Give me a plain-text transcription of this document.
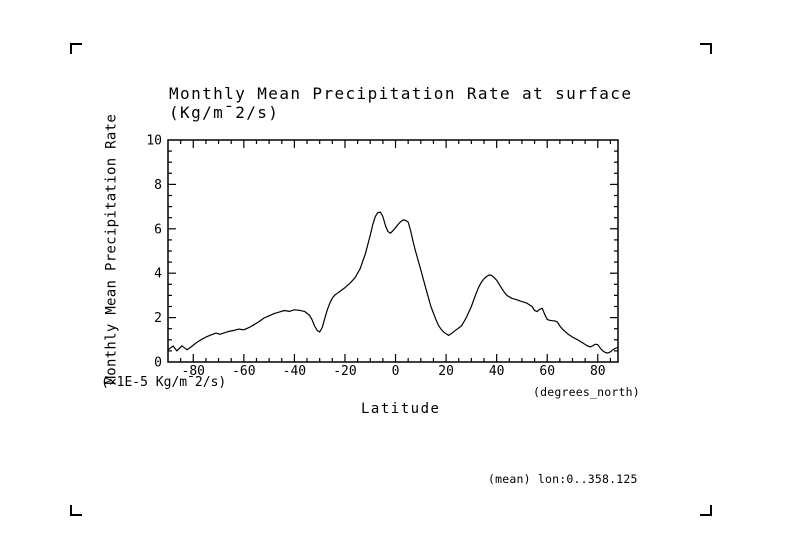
Monthly Mean Precipitation Rate at surface
(Kg/m¯2/s)
Monthly Mean Precipitation Rate
(×1E-5 Kg/m¯2/s)
(degrees_north)
Latitude
(mean) lon:0..358.125
-80 -60 -40 -20	0	20	40	60	80
0
2
4
6
8
10
